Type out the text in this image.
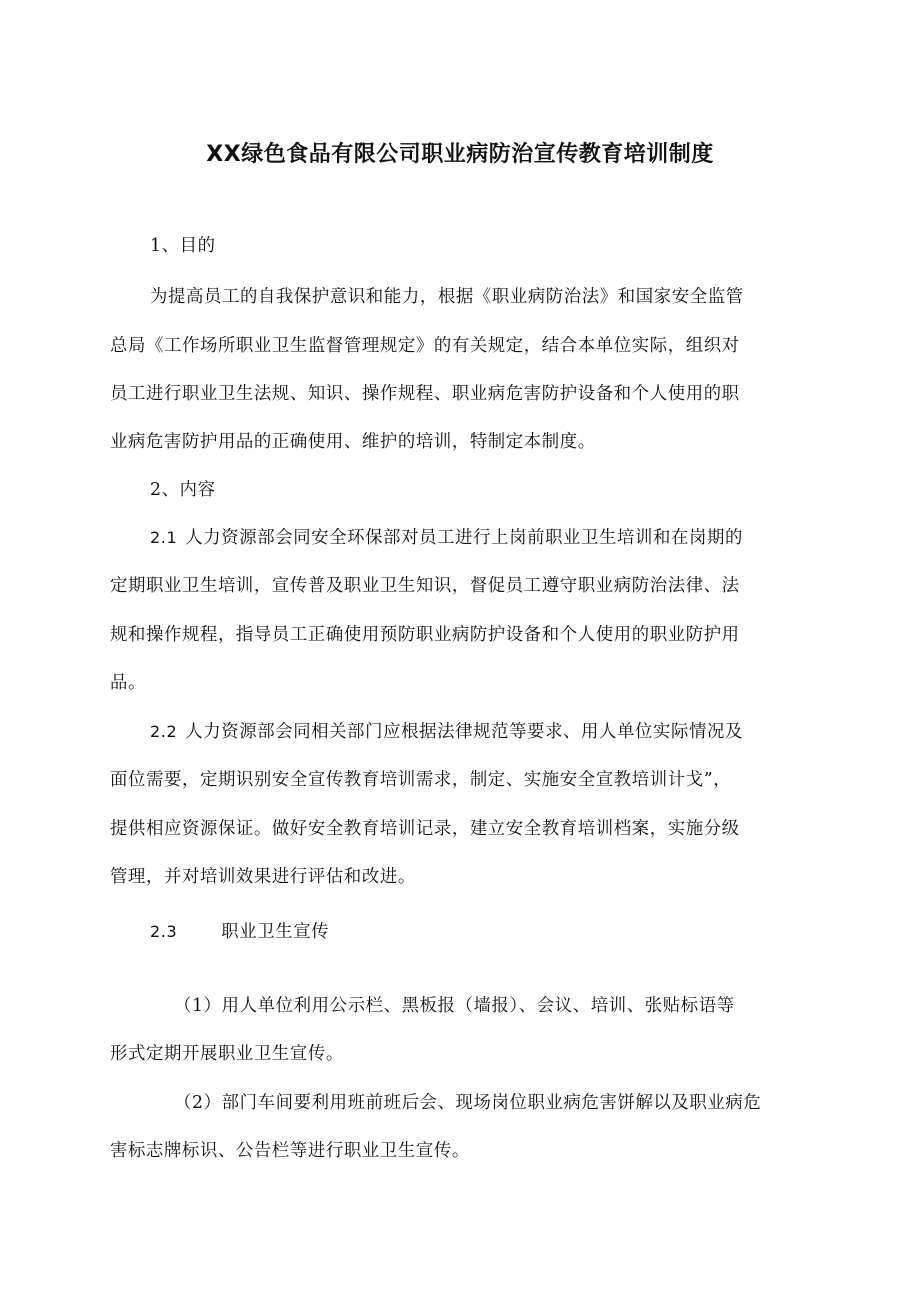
XX绿色食品有限公司职业病防治宣传教育培训制度
1、目的
为提高员工的自我保护意识和能力，根据《职业病防治法》和国家安全监管
总局《工作场所职业卫生监督管理规定》的有关规定，结合本单位实际，组织对
员工进行职业卫生法规、知识、操作规程、职业病危害防护设备和个人使用的职
业病危害防护用品的正确使用、维护的培训，特制定本制度。
2、内容
2.1 人力资源部会同安全环保部对员工进行上岗前职业卫生培训和在岗期的
定期职业卫生培训，宣传普及职业卫生知识，督促员工遵守职业病防治法律、法
规和操作规程，指导员工正确使用预防职业病防护设备和个人使用的职业防护用
品。
2.2 人力资源部会同相关部门应根据法律规范等要求、用人单位实际情况及
面位需要，定期识别安全宣传教育培训需求，制定、实施安全宣教培训计戈”，
提供相应资源保证。做好安全教育培训记录，建立安全教育培训档案，实施分级
管理，并对培训效果进行评估和改进。
2.3	职业卫生宣传
（1）用人单位利用公示栏、黑板报（墙报）、会议、培训、张贴标语等
形式定期开展职业卫生宣传。
（2）部门车间要利用班前班后会、现场岗位职业病危害饼解以及职业病危
害标志牌标识、公告栏等进行职业卫生宣传。
